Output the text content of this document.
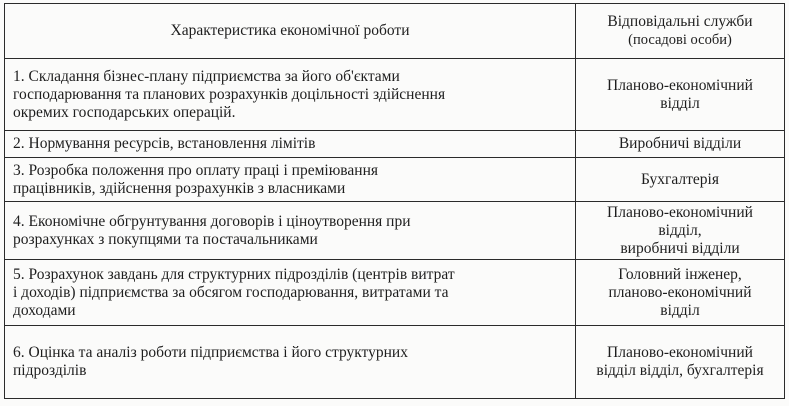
Характеристика економічної роботи	Відповідальні служби
(посадові особи)

1. Складання бізнес-плану підприємства за його об'єктами
господарювання та планових розрахунків доцільності здійснення
окремих господарських операцій.	Планово-економічний
відділ

2. Нормування ресурсів, встановлення лімітів	Виробничі відділи

3. Розробка положення про оплату праці і преміювання
працівників, здійснення розрахунків з власниками	Бухгалтерія

4. Економічне обгрунтування договорів і ціноутворення при
розрахунках з покупцями та постачальниками	Планово-економічний
відділ,
виробничі відділи

5. Розрахунок завдань для структурних підрозділів (центрів витрат
і доходів) підприємства за обсягом господарювання, витратами та
доходами	Головний інженер,
планово-економічний
відділ

6. Оцінка та аналіз роботи підприємства і його структурних
підрозділів	Планово-економічний
відділ відділ, бухгалтерія
